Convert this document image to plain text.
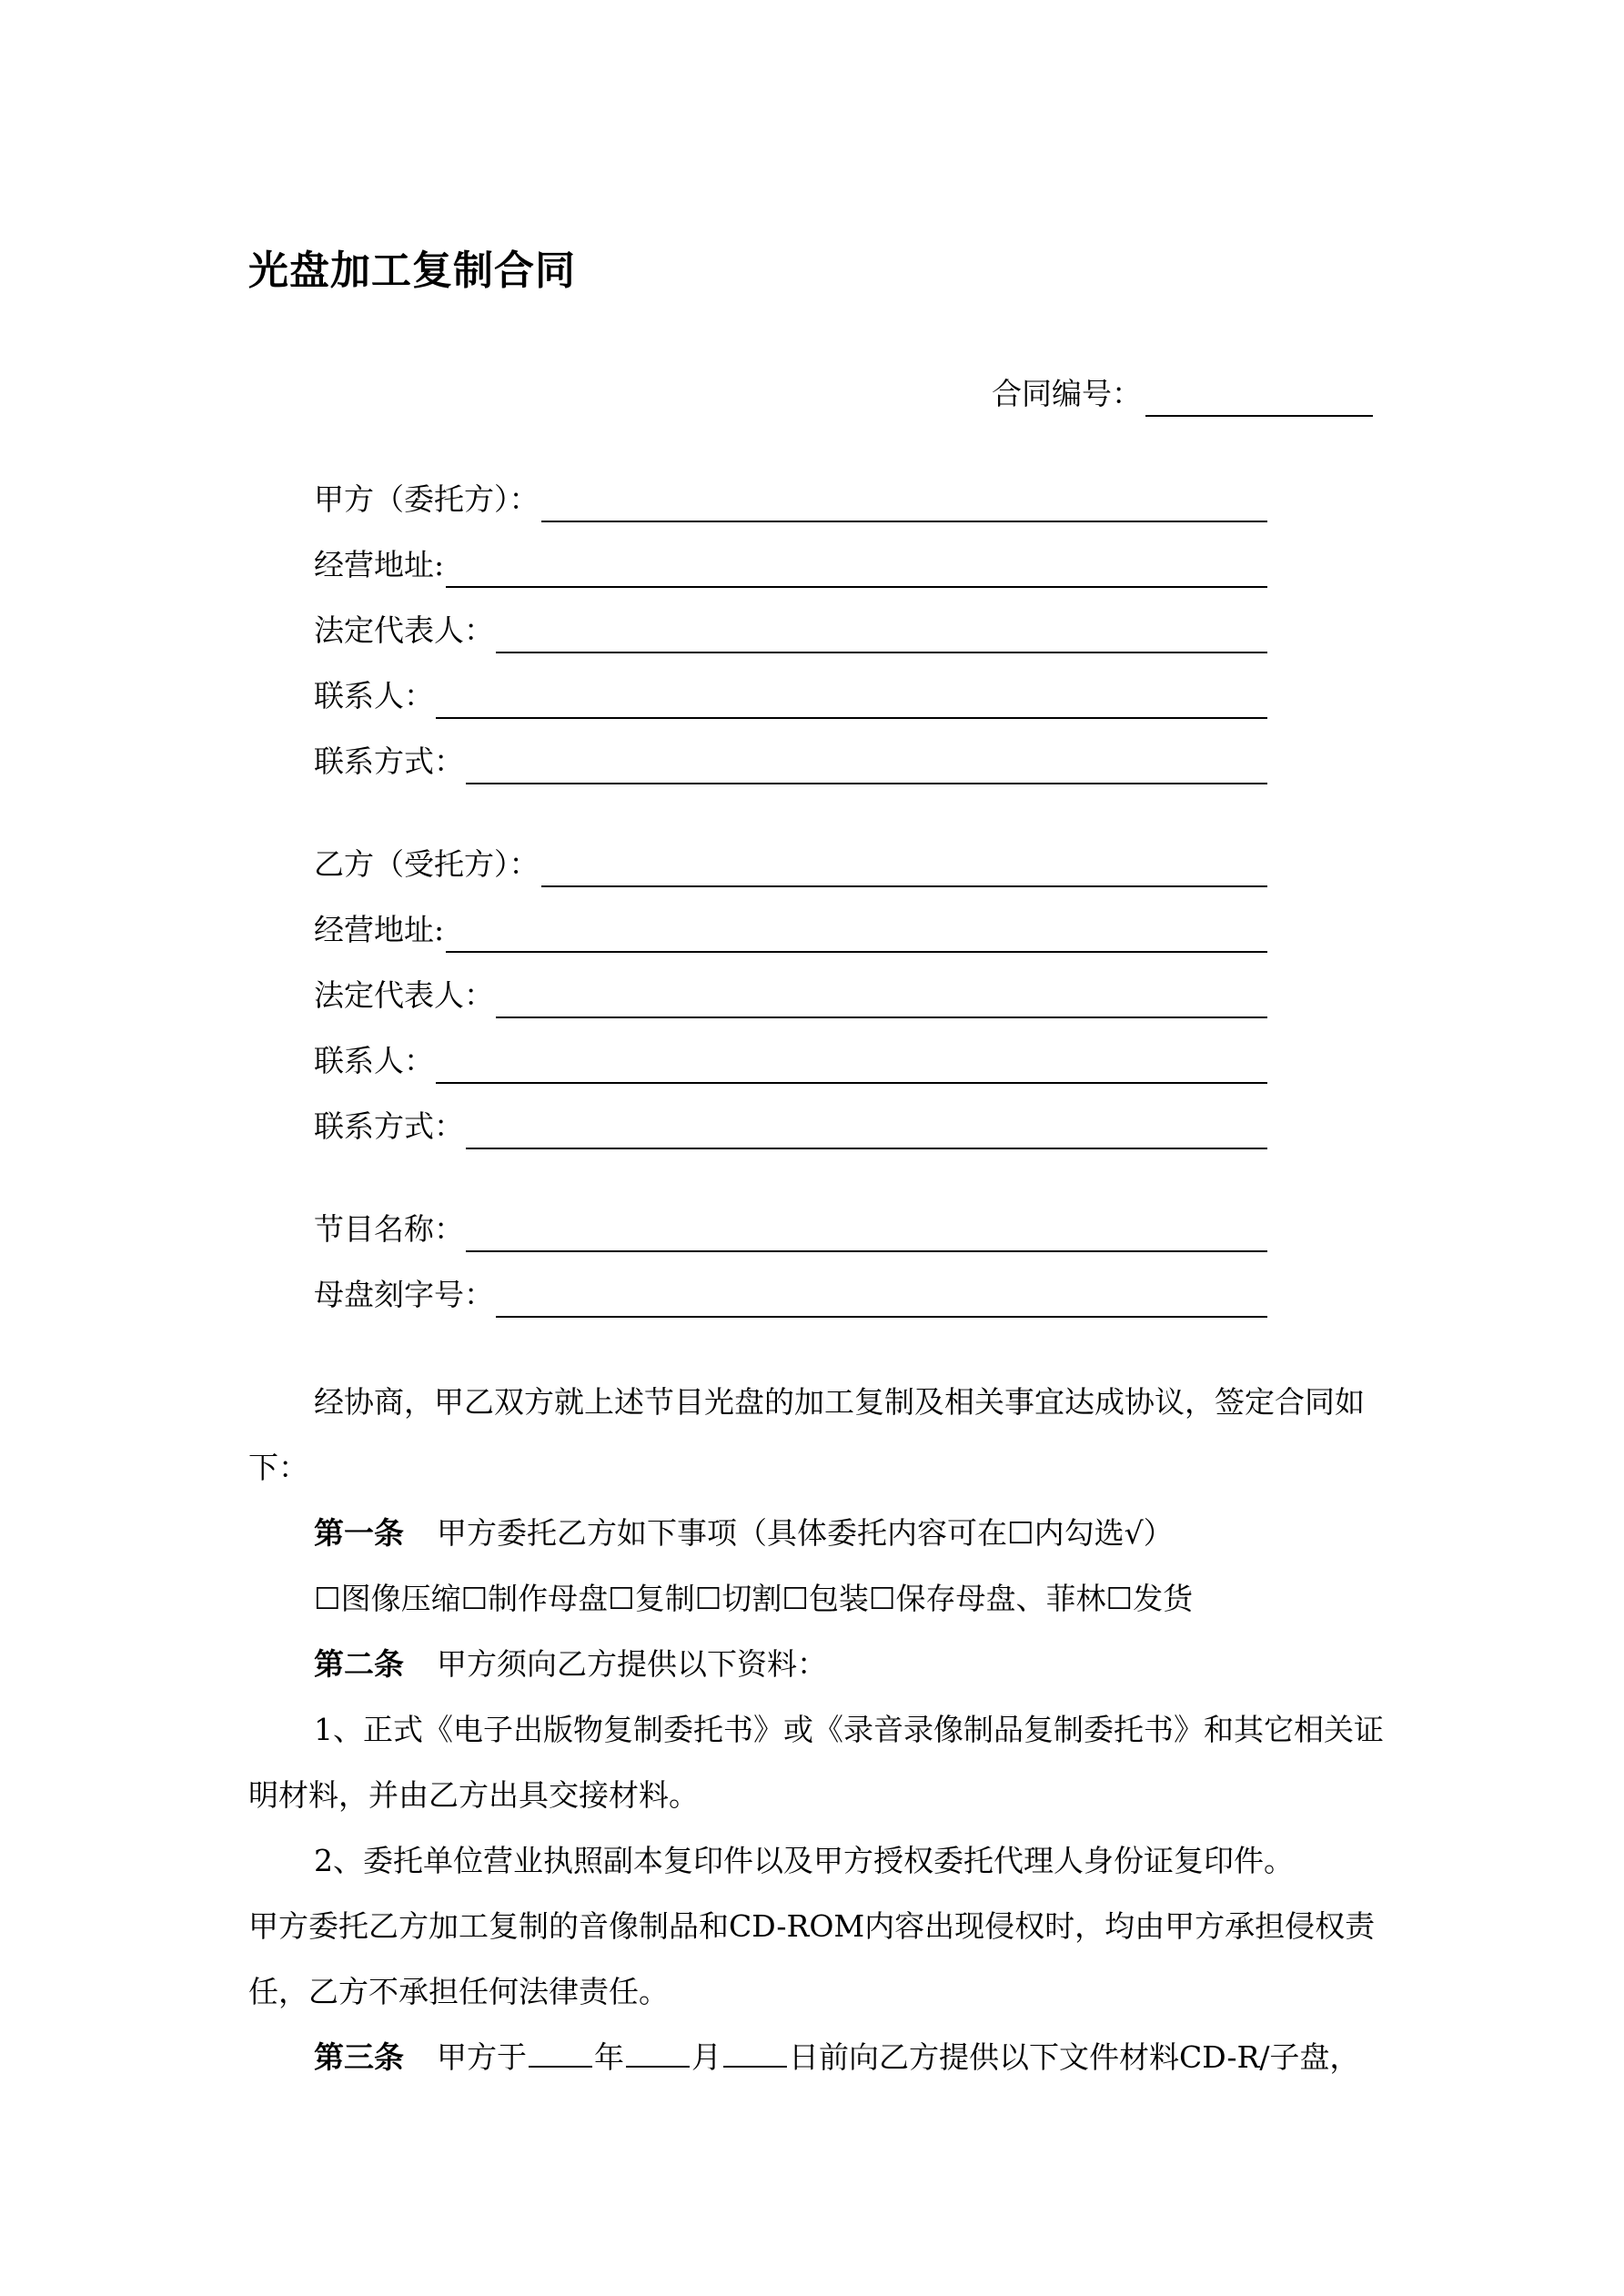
光盘加工复制合同
合同编号：
甲方（委托方）：
经营地址:
法定代表人：
联系人：
联系方式：
乙方（受托方）：
经营地址:
法定代表人：
联系人：
联系方式：
节目名称：
母盘刻字号：
经协商，甲乙双方就上述节目光盘的加工复制及相关事宜达成协议，签定合同如下：
第一条 甲方委托乙方如下事项（具体委托内容可在☐内勾选√）
☐图像压缩☐制作母盘☐复制☐切割☐包装☐保存母盘、菲林☐发货
第二条 甲方须向乙方提供以下资料：
1、正式《电子出版物复制委托书》或《录音录像制品复制委托书》和其它相关证明材料，并由乙方出具交接材料。
2、委托单位营业执照副本复印件以及甲方授权委托代理人身份证复印件。
甲方委托乙方加工复制的音像制品和CD-ROM内容出现侵权时，均由甲方承担侵权责任，乙方不承担任何法律责任。
第三条 甲方于 年 月 日前向乙方提供以下文件材料CD-R/子盘，
